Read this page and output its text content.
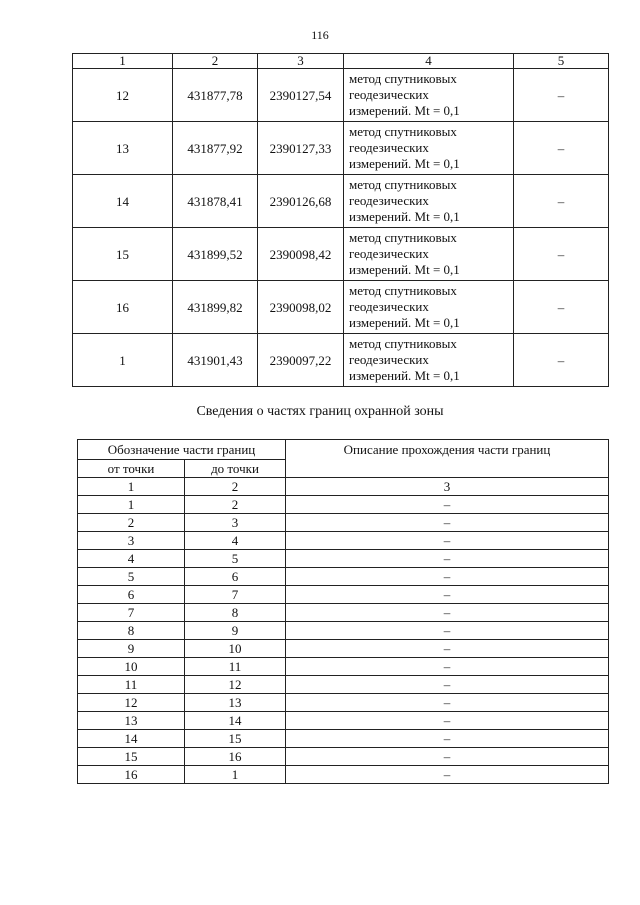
116
1	2	3	4	5
12	431877,78	2390127,54	метод спутниковых
геодезических
измерений. Mt = 0,1	–
13	431877,92	2390127,33	метод спутниковых
геодезических
измерений. Mt = 0,1	–
14	431878,41	2390126,68	метод спутниковых
геодезических
измерений. Mt = 0,1	–
15	431899,52	2390098,42	метод спутниковых
геодезических
измерений. Mt = 0,1	–
16	431899,82	2390098,02	метод спутниковых
геодезических
измерений. Mt = 0,1	–
1	431901,43	2390097,22	метод спутниковых
геодезических
измерений. Mt = 0,1	–
Сведения о частях границ охранной зоны
Обозначение части границ		Описание прохождения части границ
от точки	до точки	
1	2	3
1	2	–
2	3	–
3	4	–
4	5	–
5	6	–
6	7	–
7	8	–
8	9	–
9	10	–
10	11	–
11	12	–
12	13	–
13	14	–
14	15	–
15	16	–
16	1	–
